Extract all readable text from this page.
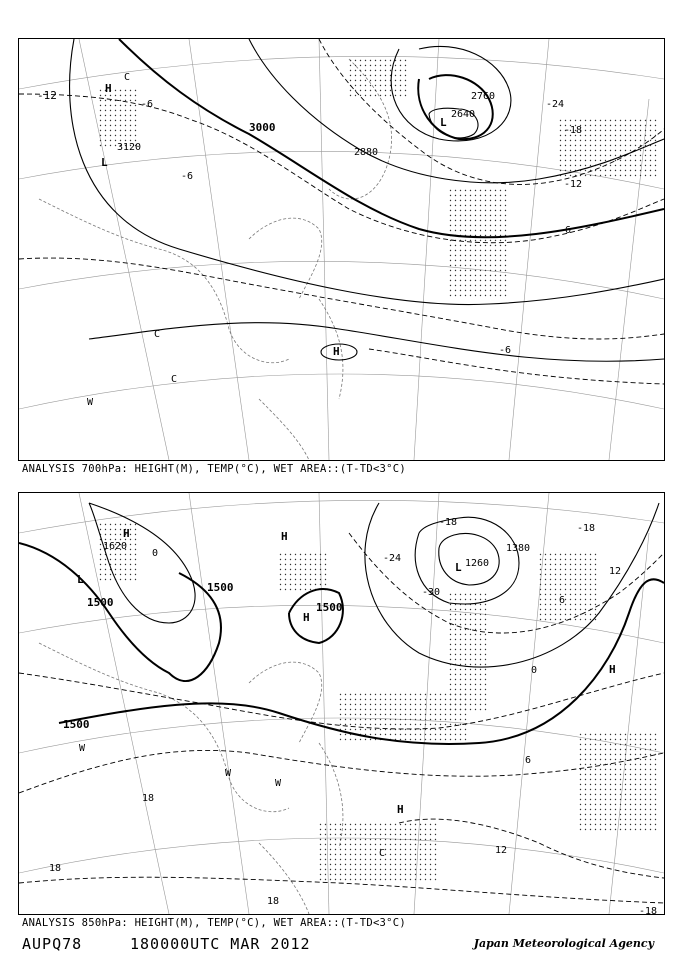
-12
3000
3120	2880
2760
2640
-24
-18
-12
-6
-6
-6
-6
H
L
L
H
C
C
C
W
ANALYSIS 700hPa: HEIGHT(M), TEMP(°C), WET AREA::(T-TD<3°C)
1620
1500
1500
1500
1500
1380
1260
0	-24
-18
-18
12
6
0
18
12
18
18
-18
-30
6
H
L
H
H
L
H
H
W
W
W
C
ANALYSIS 850hPa: HEIGHT(M), TEMP(°C), WET AREA::(T-TD<3°C)
AUPQ78	180000UTC MAR 2012	Japan Meteorological Agency
